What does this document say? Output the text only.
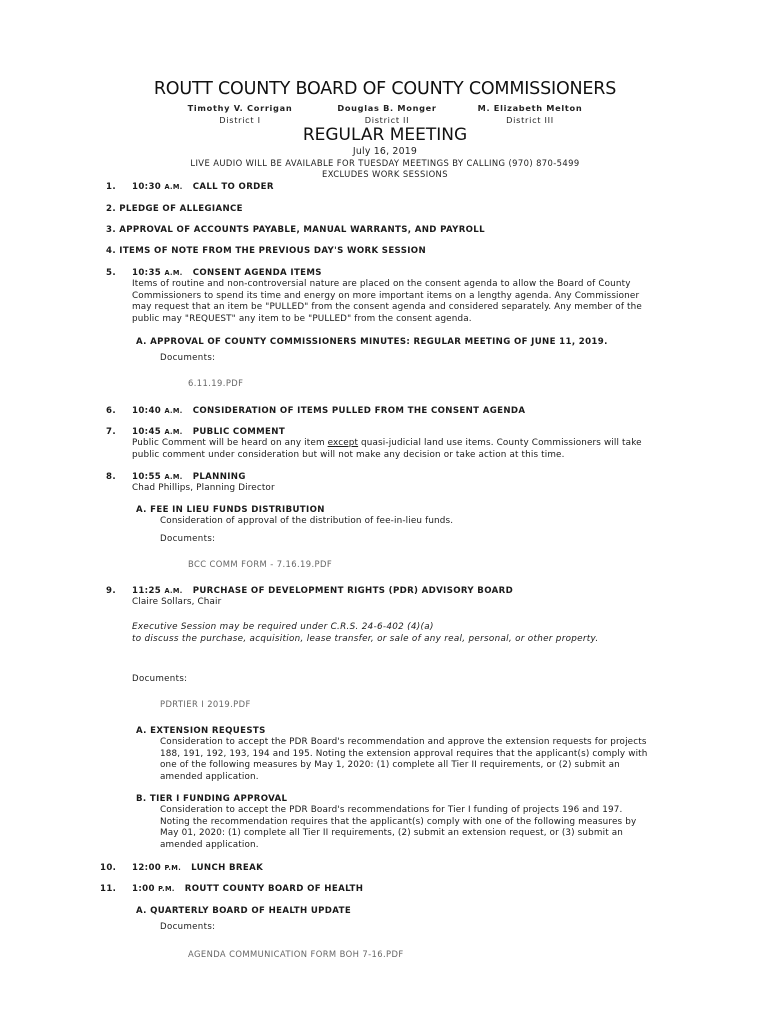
ROUTT COUNTY BOARD OF COUNTY COMMISSIONERS
Timothy V. Corrigan
District I
Douglas B. Monger
District II
M. Elizabeth Melton
District III
REGULAR MEETING
July 16, 2019
LIVE AUDIO WILL BE AVAILABLE FOR TUESDAY MEETINGS BY CALLING (970) 870-5499
EXCLUDES WORK SESSIONS
1. 10:30 A.M. CALL TO ORDER
2. PLEDGE OF ALLEGIANCE
3. APPROVAL OF ACCOUNTS PAYABLE, MANUAL WARRANTS, AND PAYROLL
4. ITEMS OF NOTE FROM THE PREVIOUS DAY'S WORK SESSION
5. 10:35 A.M. CONSENT AGENDA ITEMS
Items of routine and non-controversial nature are placed on the consent agenda to allow the Board of County
Commissioners to spend its time and energy on more important items on a lengthy agenda. Any Commissioner
may request that an item be "PULLED" from the consent agenda and considered separately. Any member of the
public may "REQUEST" any item to be "PULLED" from the consent agenda.
A. APPROVAL OF COUNTY COMMISSIONERS MINUTES: REGULAR MEETING OF JUNE 11, 2019.
Documents:
6.11.19.PDF
6. 10:40 A.M. CONSIDERATION OF ITEMS PULLED FROM THE CONSENT AGENDA
7. 10:45 A.M. PUBLIC COMMENT
Public Comment will be heard on any item except quasi-judicial land use items. County Commissioners will take
public comment under consideration but will not make any decision or take action at this time.
8. 10:55 A.M. PLANNING
Chad Phillips, Planning Director
A. FEE IN LIEU FUNDS DISTRIBUTION
Consideration of approval of the distribution of fee-in-lieu funds.
Documents:
BCC COMM FORM - 7.16.19.PDF
9. 11:25 A.M. PURCHASE OF DEVELOPMENT RIGHTS (PDR) ADVISORY BOARD
Claire Sollars, Chair
Executive Session may be required under C.R.S. 24-6-402 (4)(a)
to discuss the purchase, acquisition, lease transfer, or sale of any real, personal, or other property.
Documents:
PDRTIER I 2019.PDF
A. EXTENSION REQUESTS
Consideration to accept the PDR Board's recommendation and approve the extension requests for projects
188, 191, 192, 193, 194 and 195. Noting the extension approval requires that the applicant(s) comply with
one of the following measures by May 1, 2020: (1) complete all Tier II requirements, or (2) submit an
amended application.
B. TIER I FUNDING APPROVAL
Consideration to accept the PDR Board's recommendations for Tier I funding of projects 196 and 197.
Noting the recommendation requires that the applicant(s) comply with one of the following measures by
May 01, 2020: (1) complete all Tier II requirements, (2) submit an extension request, or (3) submit an
amended application.
10. 12:00 P.M. LUNCH BREAK
11. 1:00 P.M. ROUTT COUNTY BOARD OF HEALTH
A. QUARTERLY BOARD OF HEALTH UPDATE
Documents:
AGENDA COMMUNICATION FORM BOH 7-16.PDF
